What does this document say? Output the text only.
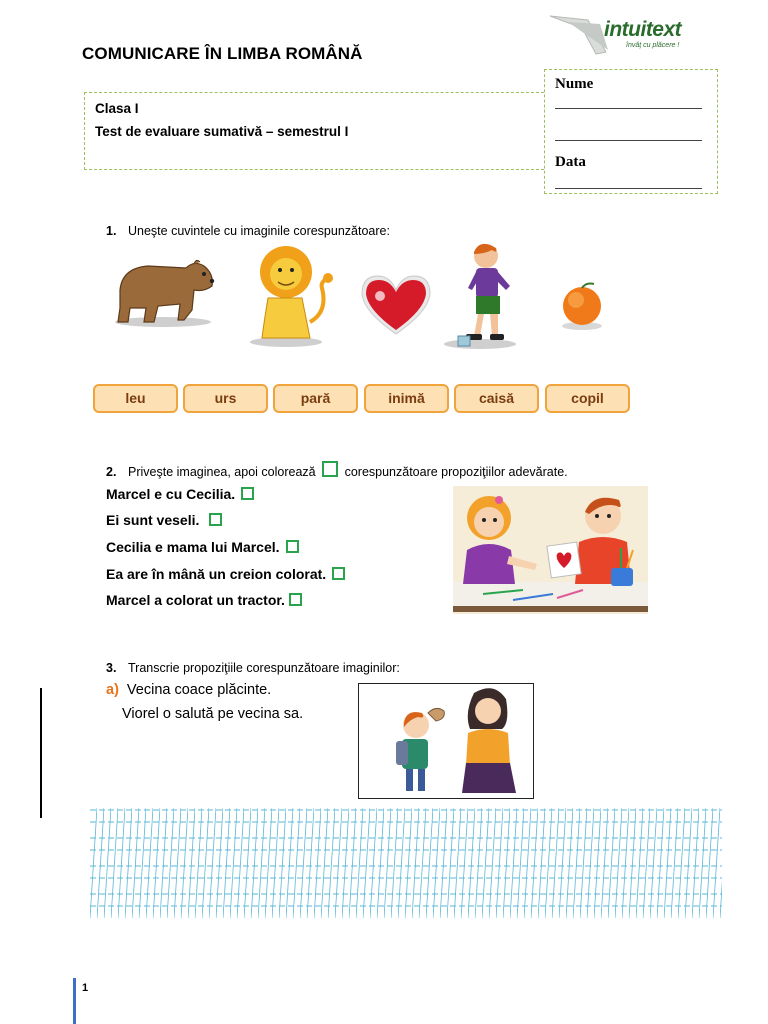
COMUNICARE ÎN LIMBA ROMÂNĂ
intuitext
învăţ cu plăcere !
Clasa I
Test de evaluare sumativă – semestrul I
Nume
Data
1. Uneşte cuvintele cu imaginile corespunzătoare:
leu	urs	pară	inimă	caisă	copil
2. Priveşte imaginea, apoi colorează corespunzătoare propoziţiilor adevărate.
Marcel e cu Cecilia.
Ei sunt veseli.
Cecilia e mama lui Marcel.
Ea are în mână un creion colorat.
Marcel a colorat un tractor.
3. Transcrie propoziţiile corespunzătoare imaginilor:
a) Vecina coace plăcinte.
Viorel o salută pe vecina sa.
1
